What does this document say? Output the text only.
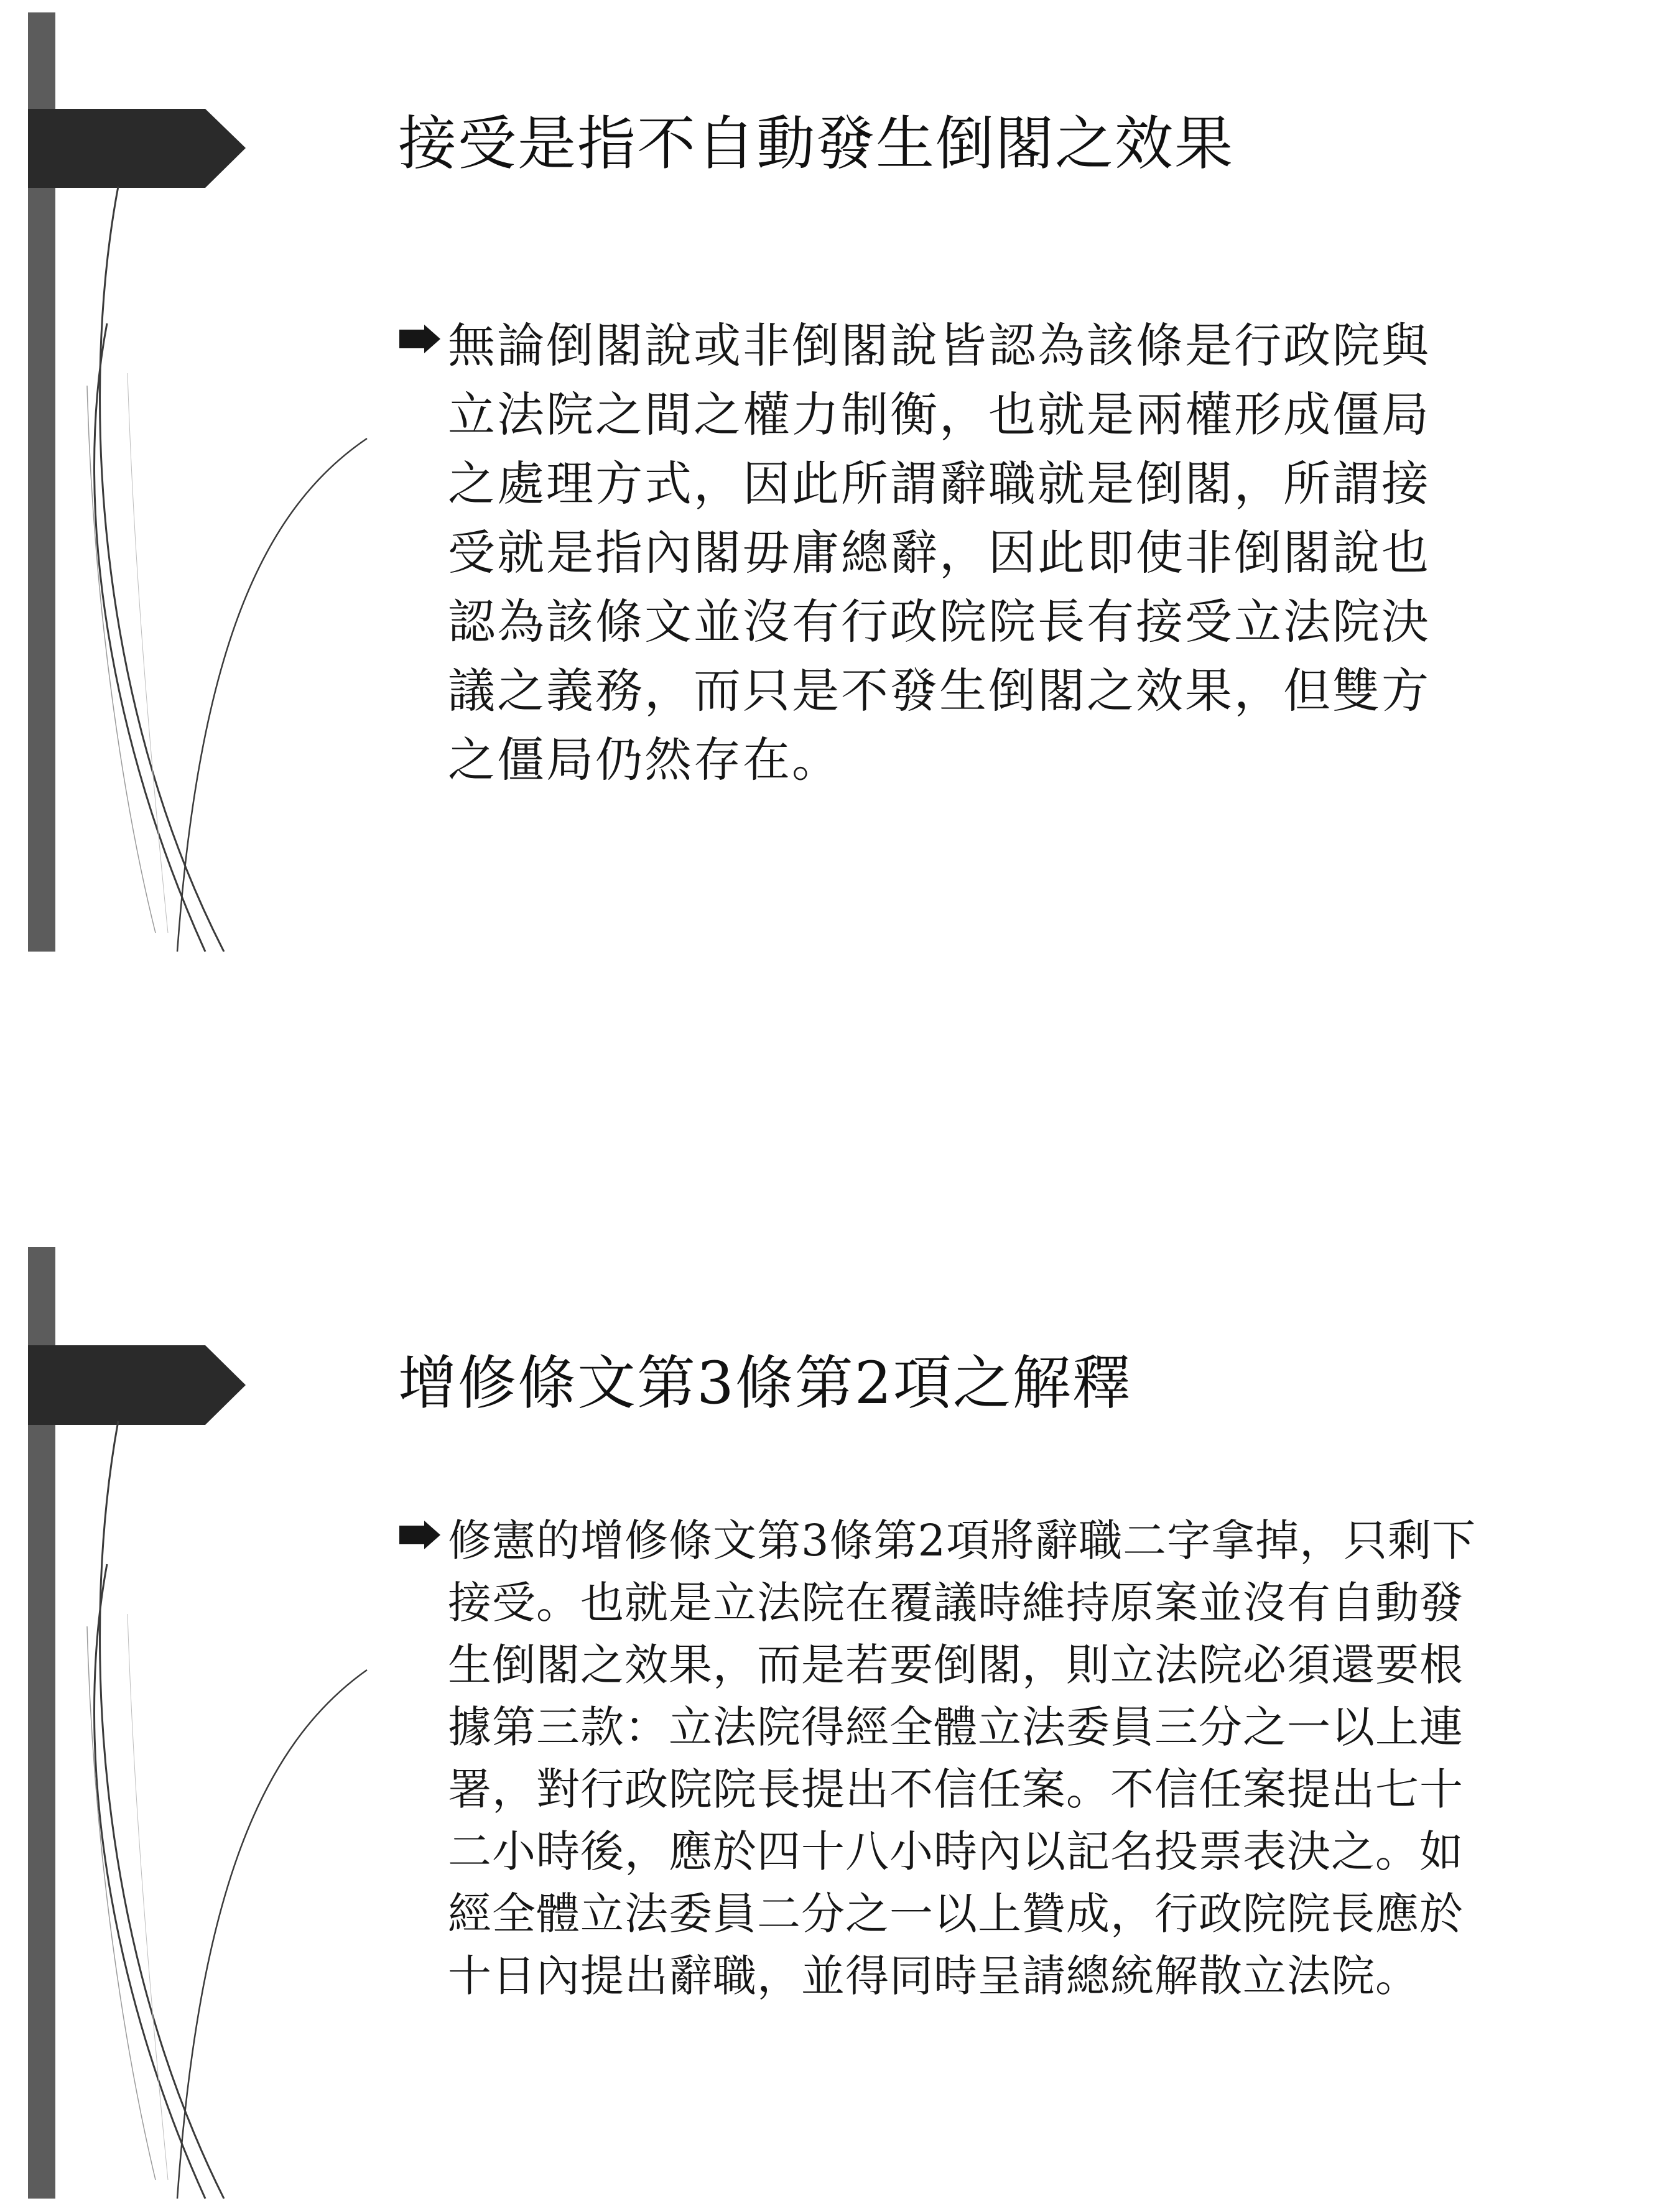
接受是指不自動發生倒閣之效果
無論倒閣說或非倒閣說皆認為該條是行政院與
立法院之間之權力制衡，也就是兩權形成僵局
之處理方式，因此所謂辭職就是倒閣，所謂接
受就是指內閣毋庸總辭，因此即使非倒閣說也
認為該條文並沒有行政院院長有接受立法院決
議之義務，而只是不發生倒閣之效果，但雙方
之僵局仍然存在。
增修條文第3條第2項之解釋
修憲的增修條文第3條第2項將辭職二字拿掉，只剩下
接受。也就是立法院在覆議時維持原案並沒有自動發
生倒閣之效果，而是若要倒閣，則立法院必須還要根
據第三款：立法院得經全體立法委員三分之一以上連
署，對行政院院長提出不信任案。不信任案提出七十
二小時後，應於四十八小時內以記名投票表決之。如
經全體立法委員二分之一以上贊成，行政院院長應於
十日內提出辭職，並得同時呈請總統解散立法院。
